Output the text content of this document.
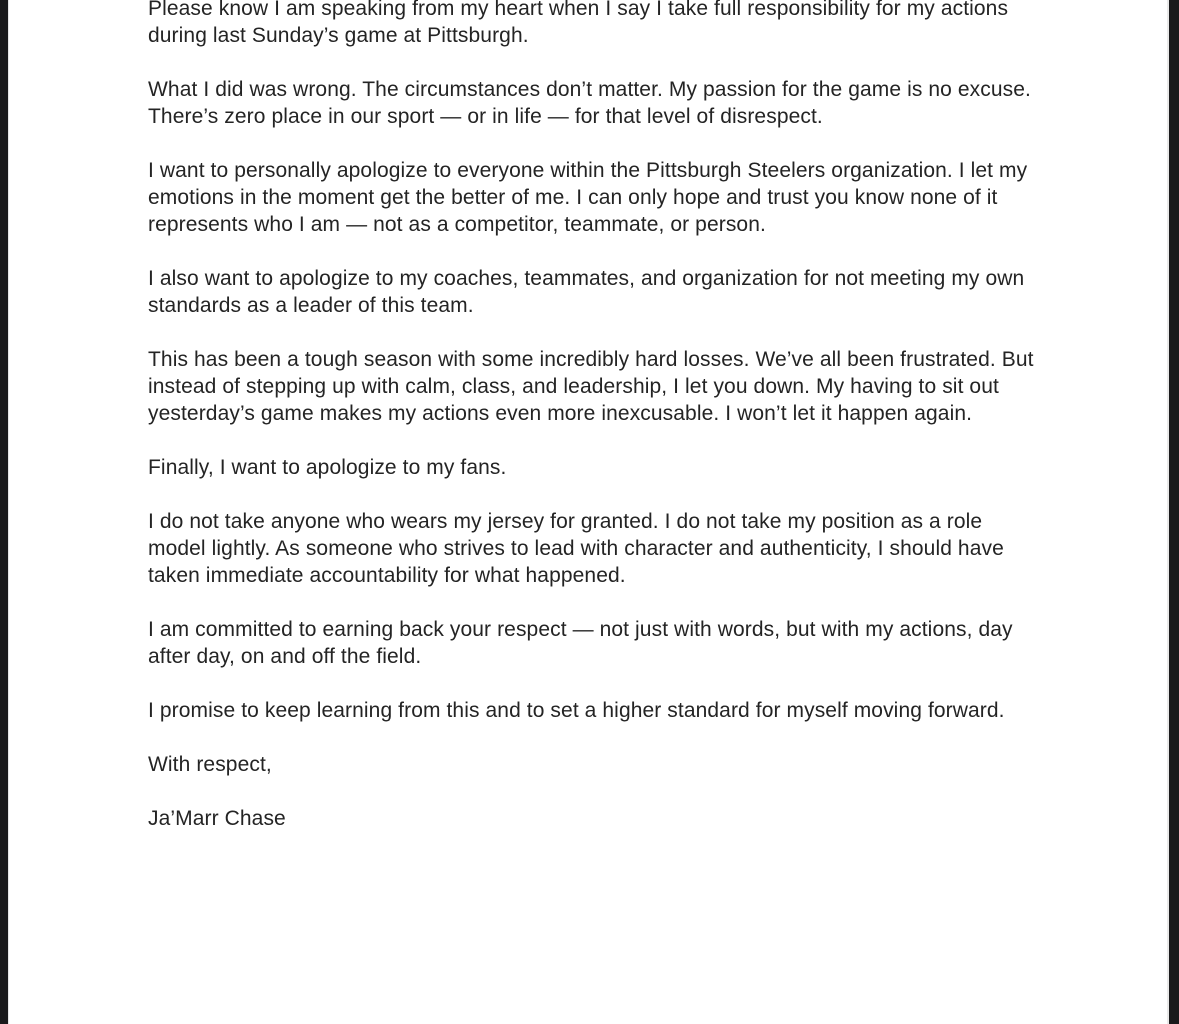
Please know I am speaking from my heart when I say I take full responsibility for my actions during last Sunday’s game at Pittsburgh.

What I did was wrong. The circumstances don’t matter. My passion for the game is no excuse. There’s zero place in our sport — or in life — for that level of disrespect.

I want to personally apologize to everyone within the Pittsburgh Steelers organization. I let my emotions in the moment get the better of me. I can only hope and trust you know none of it represents who I am — not as a competitor, teammate, or person.

I also want to apologize to my coaches, teammates, and organization for not meeting my own standards as a leader of this team.

This has been a tough season with some incredibly hard losses. We’ve all been frustrated. But instead of stepping up with calm, class, and leadership, I let you down. My having to sit out yesterday’s game makes my actions even more inexcusable. I won’t let it happen again.

Finally, I want to apologize to my fans.

I do not take anyone who wears my jersey for granted. I do not take my position as a role model lightly. As someone who strives to lead with character and authenticity, I should have taken immediate accountability for what happened.

I am committed to earning back your respect — not just with words, but with my actions, day after day, on and off the field.

I promise to keep learning from this and to set a higher standard for myself moving forward.

With respect,

Ja’Marr Chase
